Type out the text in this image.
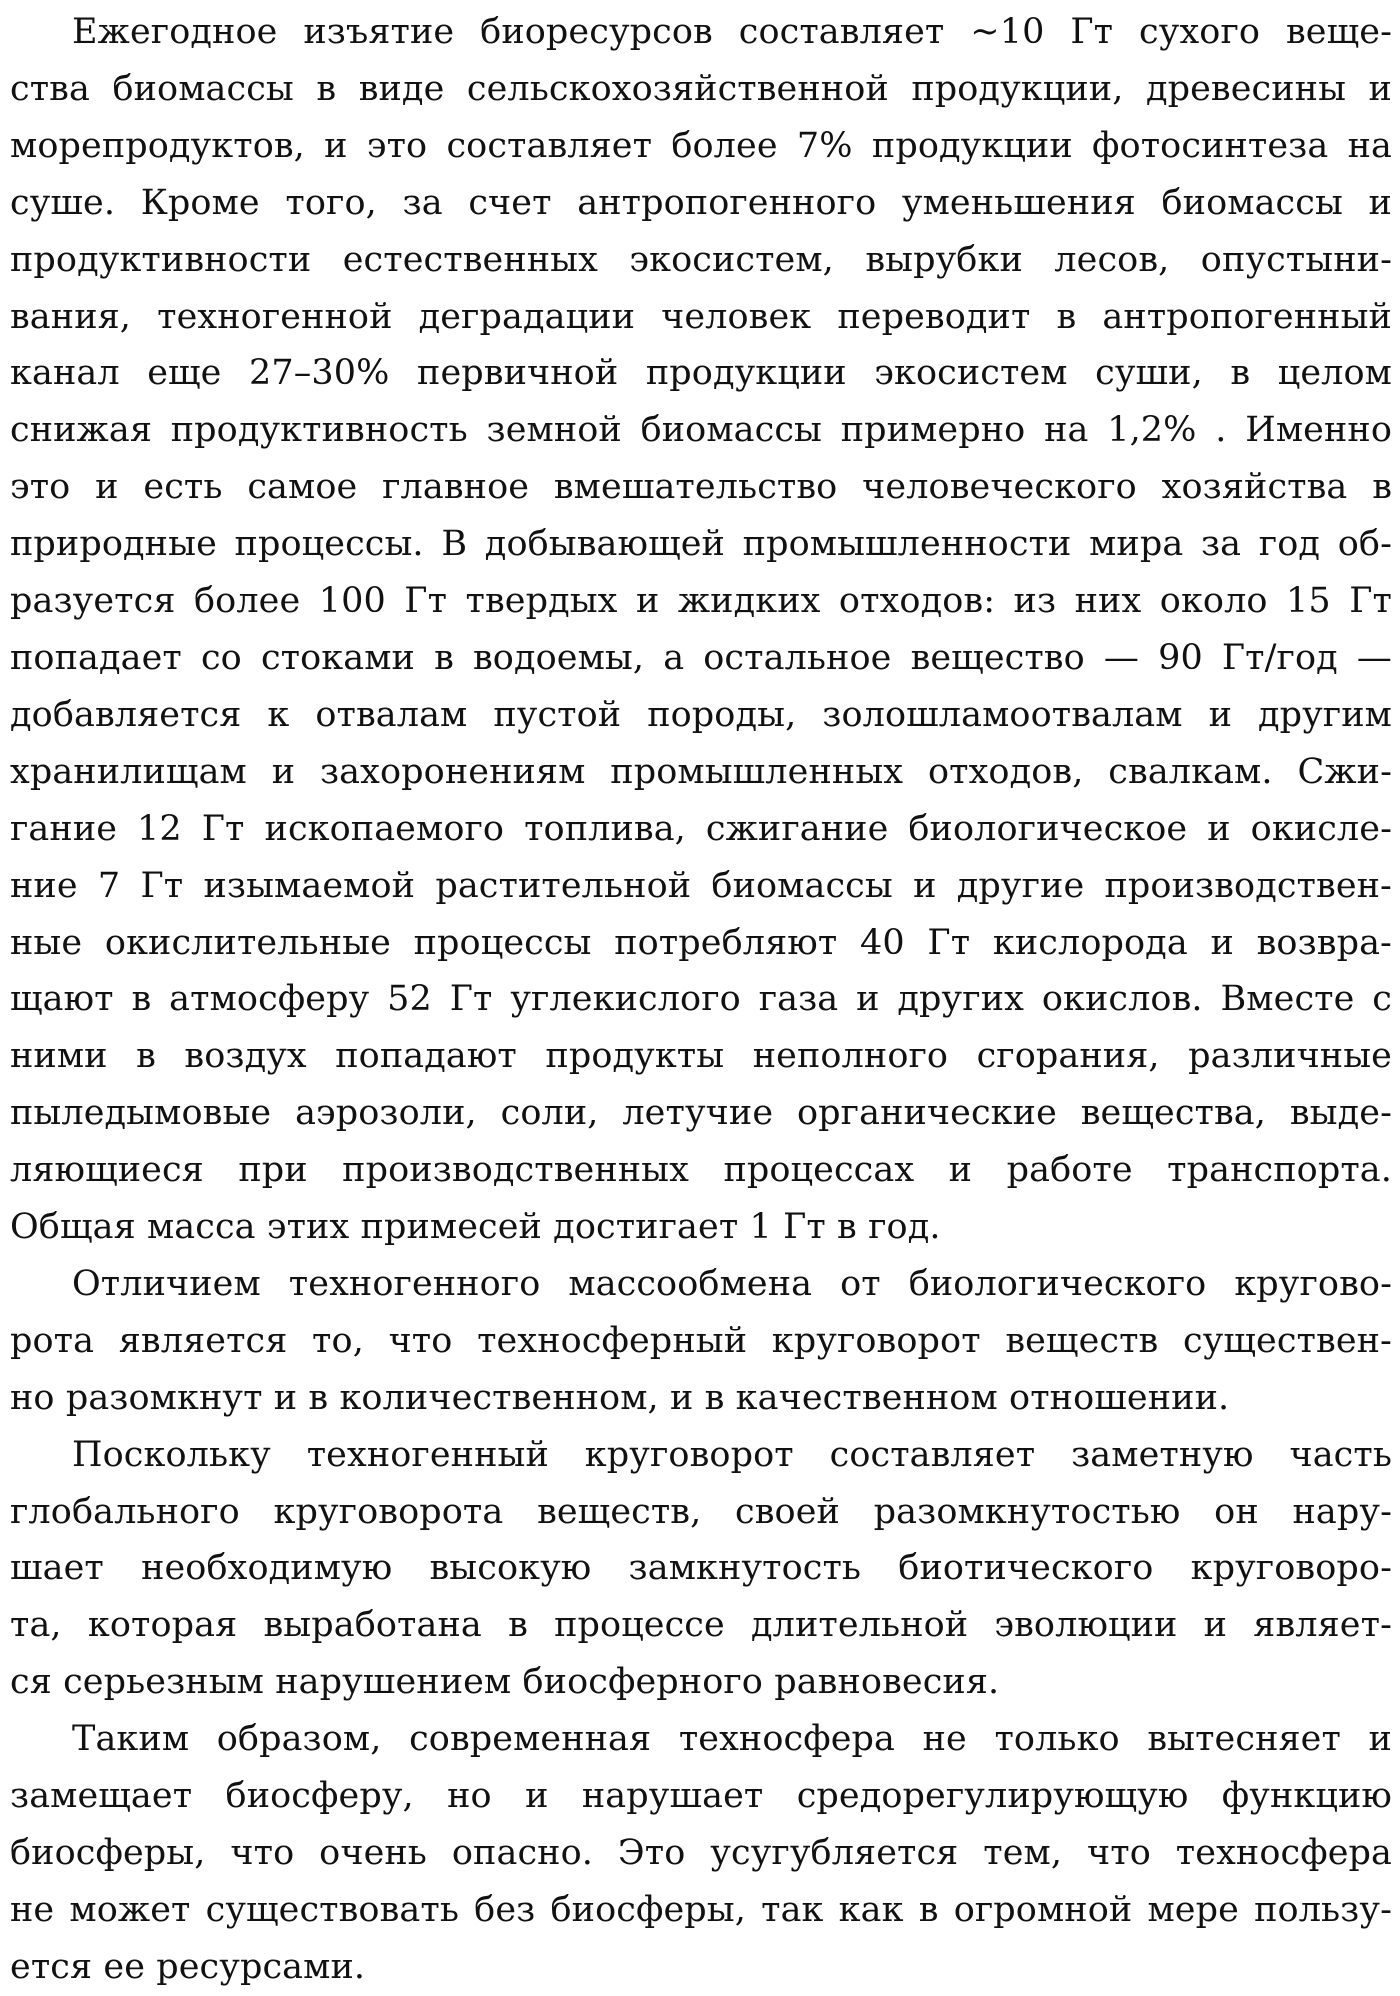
Ежегодное изъятие биоресурсов составляет ~10 Гт сухого веще-
ства биомассы в виде сельскохозяйственной продукции, древесины и
морепродуктов, и это составляет более 7% продукции фотосинтеза на
суше. Кроме того, за счет антропогенного уменьшения биомассы и
продуктивности естественных экосистем, вырубки лесов, опустыни-
вания, техногенной деградации человек переводит в антропогенный
канал еще 27–30% первичной продукции экосистем суши, в целом
снижая продуктивность земной биомассы примерно на 1,2% . Именно
это и есть самое главное вмешательство человеческого хозяйства в
природные процессы. В добывающей промышленности мира за год об-
разуется более 100 Гт твердых и жидких отходов: из них около 15 Гт
попадает со стоками в водоемы, а остальное вещество — 90 Гт/год —
добавляется к отвалам пустой породы, золошламоотвалам и другим
хранилищам и захоронениям промышленных отходов, свалкам. Сжи-
гание 12 Гт ископаемого топлива, сжигание биологическое и окисле-
ние 7 Гт изымаемой растительной биомассы и другие производствен-
ные окислительные процессы потребляют 40 Гт кислорода и возвра-
щают в атмосферу 52 Гт углекислого газа и других окислов. Вместе с
ними в воздух попадают продукты неполного сгорания, различные
пыледымовые аэрозоли, соли, летучие органические вещества, выде-
ляющиеся при производственных процессах и работе транспорта.
Общая масса этих примесей достигает 1 Гт в год.

Отличием техногенного массообмена от биологического кругово-
рота является то, что техносферный круговорот веществ существен-
но разомкнут и в количественном, и в качественном отношении.

Поскольку техногенный круговорот составляет заметную часть
глобального круговорота веществ, своей разомкнутостью он нару-
шает необходимую высокую замкнутость биотического круговоро-
та, которая выработана в процессе длительной эволюции и являет-
ся серьезным нарушением биосферного равновесия.

Таким образом, современная техносфера не только вытесняет и
замещает биосферу, но и нарушает средорегулирующую функцию
биосферы, что очень опасно. Это усугубляется тем, что техносфера
не может существовать без биосферы, так как в огромной мере пользу-
ется ее ресурсами.
